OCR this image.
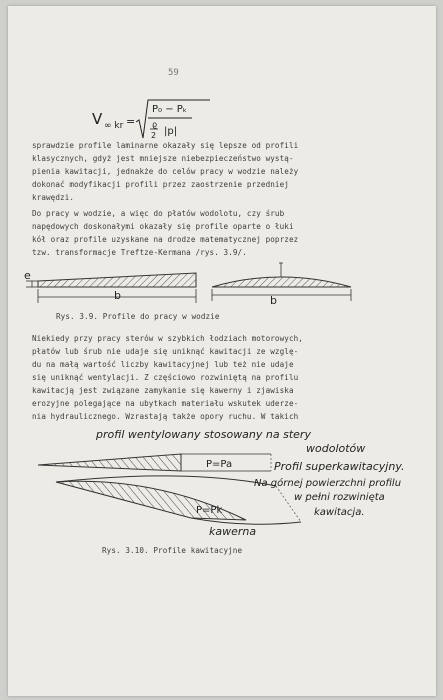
59
V ∞ kr =
P₀ − Pₖ
ϱ
2 |p|
sprawdzie profile laminarne okazały się lepsze od profili
klasycznych, gdyż jest mniejsze niebezpieczeństwo wystą-
pienia kawitacji, jednakże do celów pracy w wodzie należy
dokonać modyfikacji profili przez zaostrzenie przedniej
krawędzi.
Do pracy w wodzie, a więc do płatów wodolotu, czy śrub
napędowych doskonałymi okazały się profile oparte o łuki
kół oraz profile uzyskane na drodze matematycznej poprzez
tzw. transformacje Treftze-Kermana /rys. 3.9/.
e
b	b
Rys. 3.9. Profile do pracy w wodzie
Niekiedy przy pracy sterów w szybkich łodziach motorowych,
płatów lub śrub nie udaje się uniknąć kawitacji ze wzglę-
du na małą wartość liczby kawitacyjnej lub też nie udaje
się uniknąć wentylacji. Z częściowo rozwiniętą na profilu
kawitacją jest związane zamykanie się kawerny i zjawiska
erozyjne polegające na ubytkach materiału wskutek uderze-
nia hydraulicznego. Wzrastają także opory ruchu. W takich
P=Pa
profil wentylowany stosowany na stery
wodolotów
P=Pk
kawerna
Profil superkawitacyjny.
Na górnej powierzchni profilu
w pełni rozwinięta
kawitacja.
Rys. 3.10. Profile kawitacyjne
